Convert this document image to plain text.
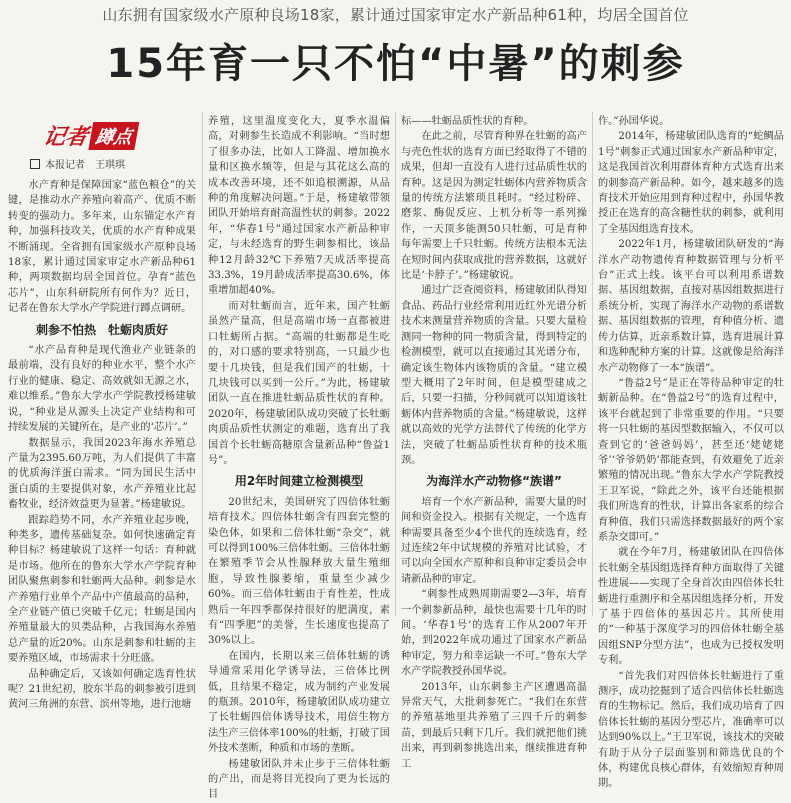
山东拥有国家级水产原种良场18家，累计通过国家审定水产新品种61种，均居全国首位
15年育一只不怕“中暑”的刺参
记者 蹲点
本报记者　王琪琪

水产育种是保障国家“蓝色粮仓”的关键，是推动水产养殖向着高产、优质不断转变的强动力。多年来，山东锚定水产育种，加强科技攻关，优质的水产育种成果不断涌现。全省拥有国家级水产原种良场18家，累计通过国家审定水产新品种61种，两项数据均居全国首位。孕育“蓝色芯片”，山东科研院所有何作为？近日，记者在鲁东大学水产学院进行蹲点调研。

刺参不怕热　牡蛎肉质好

“水产品育种是现代渔业产业链条的最前端，没有良好的种业水平，整个水产行业的健康、稳定、高效就如无源之水，难以维系。”鲁东大学水产学院教授杨建敏说，“种业是从源头上决定产业结构和可持续发展的关键所在，是产业的‘芯片’。”

数据显示，我国2023年海水养殖总产量为2395.60万吨，为人们提供了丰富的优质海洋蛋白需求。“同为国民生活中蛋白质的主要提供对象，水产养殖业比起畜牧业，经济效益更为显著。”杨建敏说。

跟踪趋势不同，水产养殖业起步晚，种类多，遗传基础复杂。如何快速确定育种目标？杨建敏说了这样一句话：育种就是市场。他所在的鲁东大学水产学院育种团队聚焦刺参和牡蛎两大品种。刺参是水产养殖行业单个产品中产值最高的品种，全产业链产值已突破千亿元；牡蛎是国内养殖量最大的贝类品种，占我国海水养殖总产量的近20%。山东是刺参和牡蛎的主要养殖区域，市场需求十分旺盛。

品种确定后，又该如何确定选育性状呢？21世纪初，胶东半岛的刺参被引进到黄河三角洲的东营、滨州等地，进行池塘

养殖，这里温度变化大，夏季水温偏高，对刺参生长造成不利影响。“当时想了很多办法，比如人工降温、增加换水量和区换水频等，但是与其花这么高的成本改善环境，还不如追根溯源，从品种的角度解决问题。”于是，杨建敏带领团队开始培育耐高温性状的刺参。2022年，“华春1号”通过国家水产新品种审定，与未经选育的野生刺参相比，该品种12月龄32℃下养殖7天成活率提高33.3%，19月龄成活率提高30.6%，体重增加超40%。

而对牡蛎而言，近年来，国产牡蛎虽然产量高，但是高端市场一直都被进口牡蛎所占据。“高端的牡蛎都是生吃的，对口感的要求特别高，一只最少也要十几块钱，但是我们国产的牡蛎，十几块钱可以买到一公斤。”为此，杨建敏团队一直在推进牡蛎品质性状的育种。2020年，杨建敏团队成功突破了长牡蛎肉质品质性状测定的难题，选育出了我国首个长牡蛎高糖原含量新品种“鲁益1号”。

用2年时间建立检测模型

20世纪末，美国研究了四倍体牡蛎培育技术。四倍体牡蛎含有四套完整的染色体，如果和二倍体牡蛎“杂交”，就可以得到100%三倍体牡蛎。三倍体牡蛎在繁殖季节会从性腺释放大量生殖细胞，导致性腺萎缩，重量至少减少60%。而三倍体牡蛎由于育性差，性成熟后一年四季都保持很好的肥满度，素有“四季肥”的美誉，生长速度也提高了30%以上。

在国内，长期以来三倍体牡蛎的诱导通常采用化学诱导法，三倍体比例低，且结果不稳定，成为制约产业发展的瓶颈。2010年，杨建敏团队成功建立了长牡蛎四倍体诱导技术，用倍生物方法生产三倍体率100%的牡蛎，打破了国外技术垄断，种质和市场的垄断。

杨建敏团队并未止步于三倍体牡蛎的产出，而是将目光投向了更为长远的目

标——牡蛎品质性状的育种。

在此之前，尽管育种界在牡蛎的高产与壳色性状的选育方面已经取得了不错的成果，但却一直没有人进行过品质性状的育种。这是因为测定牡蛎体内营养物质含量的传统方法繁琐且耗时。“经过粉碎、磨浆、酶促反应、上机分析等一系列操作，一天顶多能测50只牡蛎，可是育种每年需要上千只牡蛎。传统方法根本无法在短时间内获取成批的营养数据，这就好比是‘卡脖子’。”杨建敏说。

通过广泛查阅资料，杨建敏团队得知食品、药品行业经常利用近红外光谱分析技术来测量营养物质的含量。只要大量检测同一物种的同一物质含量，得到特定的检测模型，就可以直接通过其光谱分布，确定该生物体内该物质的含量。“建立模型大概用了2年时间，但是模型建成之后，只要一扫描，分秒间就可以知道该牡蛎体内营养物质的含量。”杨建敏说，这样就以高效的光学方法替代了传统的化学方法，突破了牡蛎品质性状育种的技术瓶颈。

为海洋水产动物修“族谱”

培育一个水产新品种，需要大量的时间和资金投入。根据有关规定，一个选育种需要具备至少4个世代的连续选育，经过连续2年中试规模的养殖对比试验，才可以向全国水产原种和良种审定委员会申请新品种的审定。

“刺参性成熟周期需要2—3年，培育一个刺参新品种，最快也需要十几年的时间。‘华春1号’的选育工作从2007年开始，到2022年成功通过了国家水产新品种审定，努力和幸运缺一不可。”鲁东大学水产学院教授孙国华说。

2013年，山东刺参主产区遭遇高温异常天气，大批刺参死亡。“我们在东营的养殖基地里共养殖了三四千斤的刺参苗，到最后只剩下几斤。我们就把他们挑出来，再到刺参挑选出来，继续推进育种工

作。”孙国华说。

2014年，杨建敏团队选育的“蛇鲷品1号”刺参正式通过国家水产新品种审定，这是我国首次利用群体育种方式选育出来的刺参高产新品种。如今，越来越多的选育技术开始应用到育种过程中，孙国华教授正在选育的高含糖性状的刺参，就利用了全基因组选育技术。

2022年1月，杨建敏团队研发的“海洋水产动物遗传育种数据管理与分析平台”正式上线。该平台可以利用系谱数据、基因组数据，直接对基因组数据进行系统分析，实现了海洋水产动物的系谱数据、基因组数据的管理，育种值分析、遗传力估算，近亲系数计算，选育进展计算和选种配种方案的计算。这就像是给海洋水产动物修了一本“族谱”。

“鲁益2号”是正在等待品种审定的牡蛎新品种。在“鲁益2号”的选育过程中，该平台就起到了非常重要的作用。“只要将一只牡蛎的基因型数据输入，不仅可以查到它的‘爸爸妈妈’，甚至还‘姥姥姥爷’‘爷爷奶奶’都能查到，有效避免了近亲繁殖的情况出现。”鲁东大学水产学院教授王卫军说，“除此之外，该平台还能根据我们所选育的性状，计算出各家系的综合育种值，我们只需选择数据最好的两个家系杂交即可。”

就在今年7月，杨建敏团队在四倍体长牡蛎全基因组选择育种方面取得了关键性进展——实现了全身首次由四倍体长牡蛎进行重测序和全基因组选择分析，开发了基于四倍体的基因芯片。其所使用的“一种基于深度学习的四倍体牡蛎全基因组SNP分型方法”，也成为已授权发明专利。

“首先我们对四倍体长牡蛎进行了重测序，成功挖掘到了适合四倍体长牡蛎选育的生物标记。然后，我们成功培育了四倍体长牡蛎的基因分型芯片，准确率可以达到90%以上。”王卫军说，该技术的突破有助于从分子层面鉴别和筛选优良的个体，构建优良核心群体，有效缩短育种周期。
